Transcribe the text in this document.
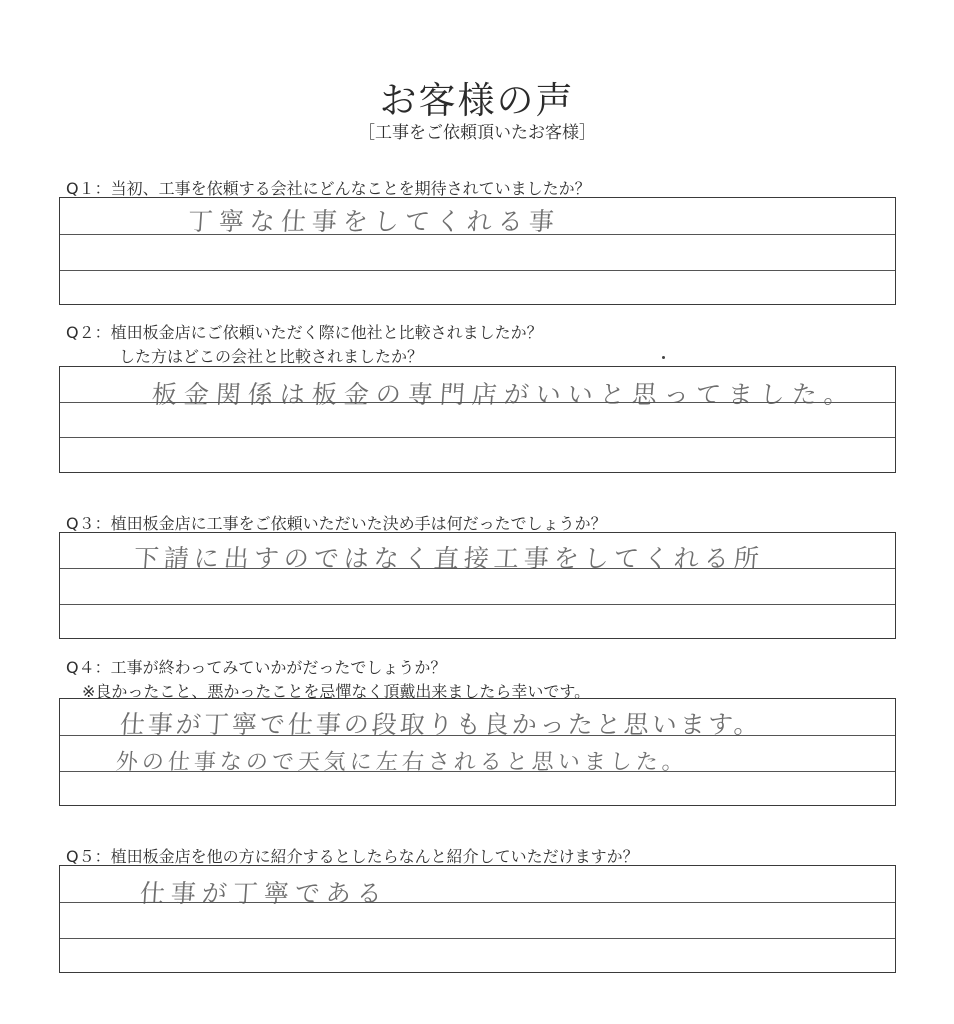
お客様の声
［工事をご依頼頂いたお客様］
Q１：当初、工事を依頼する会社にどんなことを期待されていましたか？
丁寧な仕事をしてくれる事
Q２：植田板金店にご依頼いただく際に他社と比較されましたか？
した方はどこの会社と比較されましたか？
板金関係は板金の専門店がいいと思ってました。
Q３：植田板金店に工事をご依頼いただいた決め手は何だったでしょうか？
下請に出すのではなく直接工事をしてくれる所
Q４：工事が終わってみていかがだったでしょうか？
※良かったこと、悪かったことを忌憚なく頂戴出来ましたら幸いです。
仕事が丁寧で仕事の段取りも良かったと思います。
外の仕事なので天気に左右されると思いました。
Q５：植田板金店を他の方に紹介するとしたらなんと紹介していただけますか？
仕事が丁寧である
